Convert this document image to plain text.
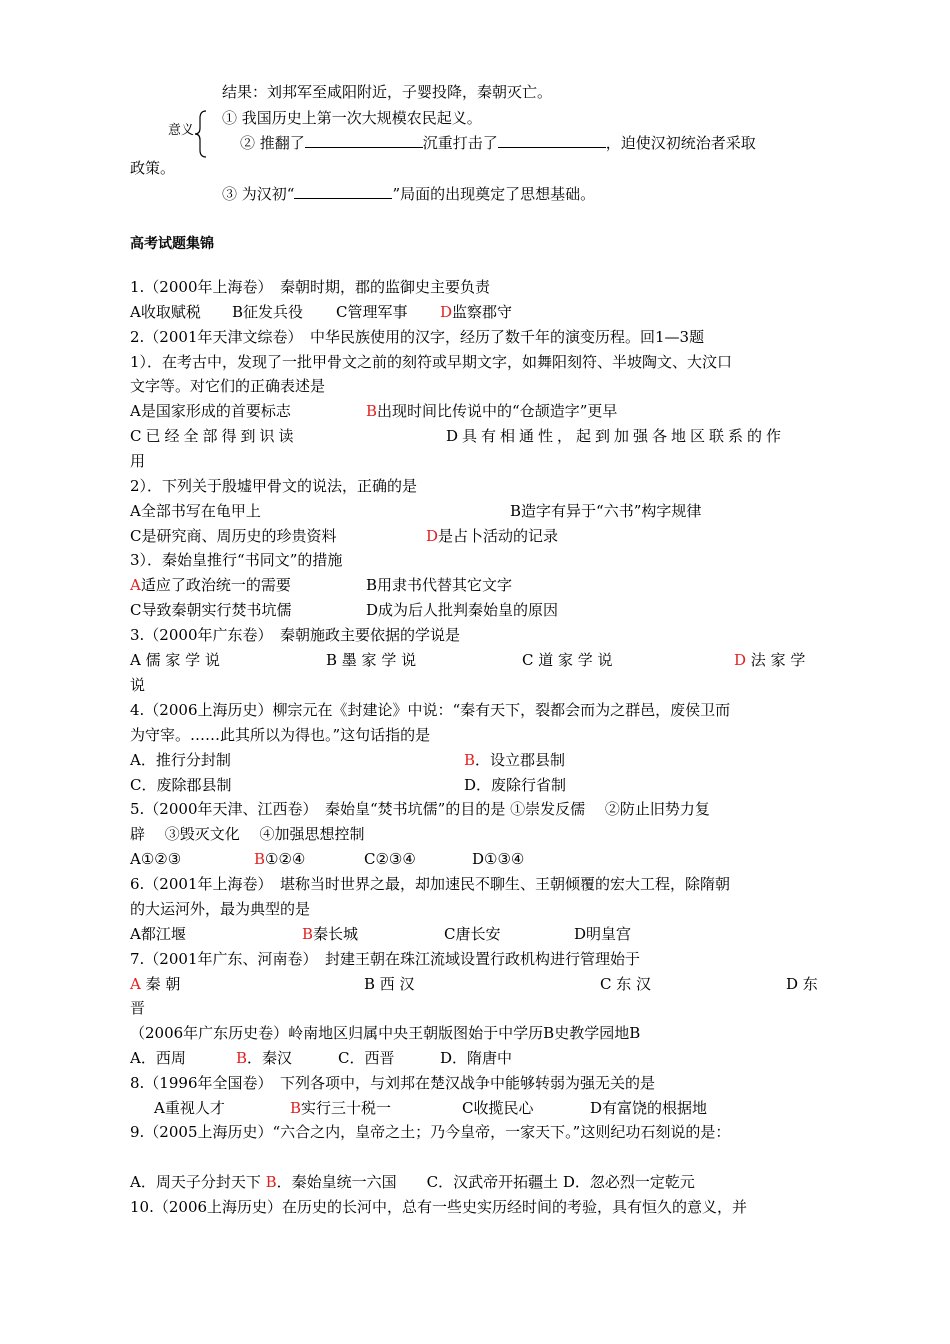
结果：刘邦军至咸阳附近，子婴投降，秦朝灭亡。
意义
① 我国历史上第一次大规模农民起义。
② 推翻了	沉重打击了	，迫使汉初统治者采取
政策。
③ 为汉初“	”局面的出现奠定了思想基础。
高考试题集锦
1.（2000年上海卷）　秦朝时期，郡的监御史主要负责
A收取赋税 B征发兵役 C管理军事 D监察郡守
2.（2001年天津文综卷）　中华民族使用的汉字，经历了数千年的演变历程。回1—3题
1）．在考古中，发现了一批甲骨文之前的刻符或早期文字，如舞阳刻符、半坡陶文、大汶口
文字等。对它们的正确表述是
A是国家形成的首要标志	B出现时间比传说中的“仓颉造字”更早
C已经全部得到识读	D具有相通性，起到加强各地区联系的作
用
2）．下列关于殷墟甲骨文的说法，正确的是
A全部书写在龟甲上	B造字有异于“六书”构字规律
C是研究商、周历史的珍贵资料	D是占卜活动的记录
3）．秦始皇推行“书同文”的措施
A适应了政治统一的需要	B用隶书代替其它文字
C导致秦朝实行焚书坑儒	D成为后人批判秦始皇的原因
3.（2000年广东卷）　秦朝施政主要依据的学说是
A 儒 家 学 说	B 墨 家 学 说	C 道 家 学 说	D 法 家 学
说
4.（2006上海历史）柳宗元在《封建论》中说：“秦有天下，裂都会而为之群邑，废侯卫而
为守宰。……此其所以为得也。”这句话指的是
A．推行分封制	B．设立郡县制
C．废除郡县制	D．废除行省制
5.（2000年天津、江西卷）　秦始皇“焚书坑儒”的目的是 ①崇发反儒　 ②防止旧势力复
辟　 ③毁灭文化　 ④加强思想控制
A①②③	B①②④	C②③④	D①③④
6.（2001年上海卷）　堪称当时世界之最，却加速民不聊生、王朝倾覆的宏大工程，除隋朝
的大运河外，最为典型的是
A都江堰	B秦长城	C唐长安	D明皇宫
7.（2001年广东、河南卷）　封建王朝在珠江流域设置行政机构进行管理始于
A 秦 朝	B 西 汉	C 东 汉	D 东
晋
（2006年广东历史卷）岭南地区归属中央王朝版图始于中学历B史教学园地B
A．西周	B．秦汉	C．西晋	D．隋唐中
8.（1996年全国卷）　下列各项中，与刘邦在楚汉战争中能够转弱为强无关的是
A重视人才	B实行三十税一	C收揽民心	D有富饶的根据地
9.（2005上海历史）“六合之内，皇帝之土；乃今皇帝，一家天下。”这则纪功石刻说的是：
A．周天子分封天下 B．秦始皇统一六国　　C．汉武帝开拓疆土 D．忽必烈一定乾元
10.（2006上海历史）在历史的长河中，总有一些史实历经时间的考验，具有恒久的意义，并
